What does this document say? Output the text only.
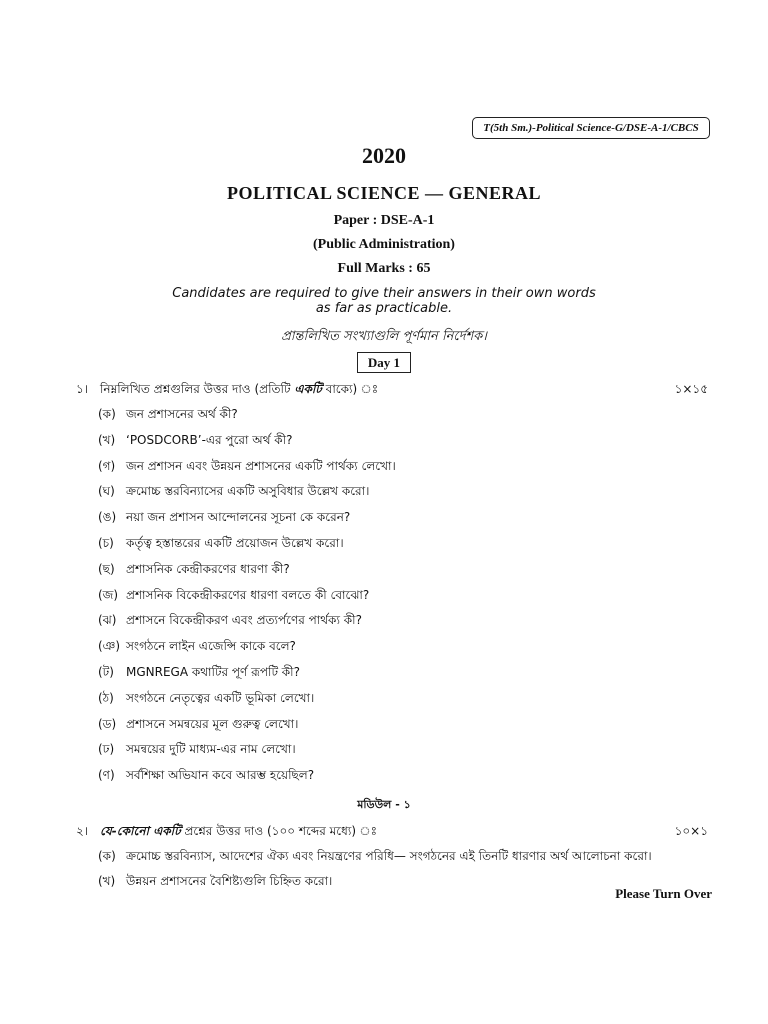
T(5th Sm.)-Political Science-G/DSE-A-1/CBCS
2020
POLITICAL SCIENCE — GENERAL
Paper : DSE-A-1
(Public Administration)
Full Marks : 65
Candidates are required to give their answers in their own words
as far as practicable.
প্রান্তলিখিত সংখ্যাগুলি পূর্ণমান নির্দেশক।
Day 1
১। নিম্নলিখিত প্রশ্নগুলির উত্তর দাও (প্রতিটি একটি বাক্যে) ঃ	১×১৫
(ক) জন প্রশাসনের অর্থ কী?
(খ) ‘POSDCORB’-এর পুরো অর্থ কী?
(গ) জন প্রশাসন এবং উন্নয়ন প্রশাসনের একটি পার্থক্য লেখো।
(ঘ) ক্রমোচ্চ স্তরবিন্যাসের একটি অসুবিধার উল্লেখ করো।
(ঙ) নয়া জন প্রশাসন আন্দোলনের সূচনা কে করেন?
(চ) কর্তৃত্ব হস্তান্তরের একটি প্রয়োজন উল্লেখ করো।
(ছ) প্রশাসনিক কেন্দ্রীকরণের ধারণা কী?
(জ) প্রশাসনিক বিকেন্দ্রীকরণের ধারণা বলতে কী বোঝো?
(ঝ) প্রশাসনে বিকেন্দ্রীকরণ এবং প্রত্যর্পণের পার্থক্য কী?
(ঞ) সংগঠনে লাইন এজেন্সি কাকে বলে?
(ট) MGNREGA কথাটির পূর্ণ রূপটি কী?
(ঠ) সংগঠনে নেতৃত্বের একটি ভূমিকা লেখো।
(ড) প্রশাসনে সমন্বয়ের মূল গুরুত্ব লেখো।
(ঢ) সমন্বয়ের দুটি মাধ্যম-এর নাম লেখো।
(ণ) সর্বশিক্ষা অভিযান কবে আরম্ভ হয়েছিল?
মডিউল - ১
২। যে-কোনো একটি প্রশ্নের উত্তর দাও (১০০ শব্দের মধ্যে) ঃ	১০×১
(ক) ক্রমোচ্চ স্তরবিন্যাস, আদেশের ঐক্য এবং নিয়ন্ত্রণের পরিধি— সংগঠনের এই তিনটি ধারণার অর্থ আলোচনা করো।
(খ) উন্নয়ন প্রশাসনের বৈশিষ্ট্যগুলি চিহ্নিত করো।
Please Turn Over
